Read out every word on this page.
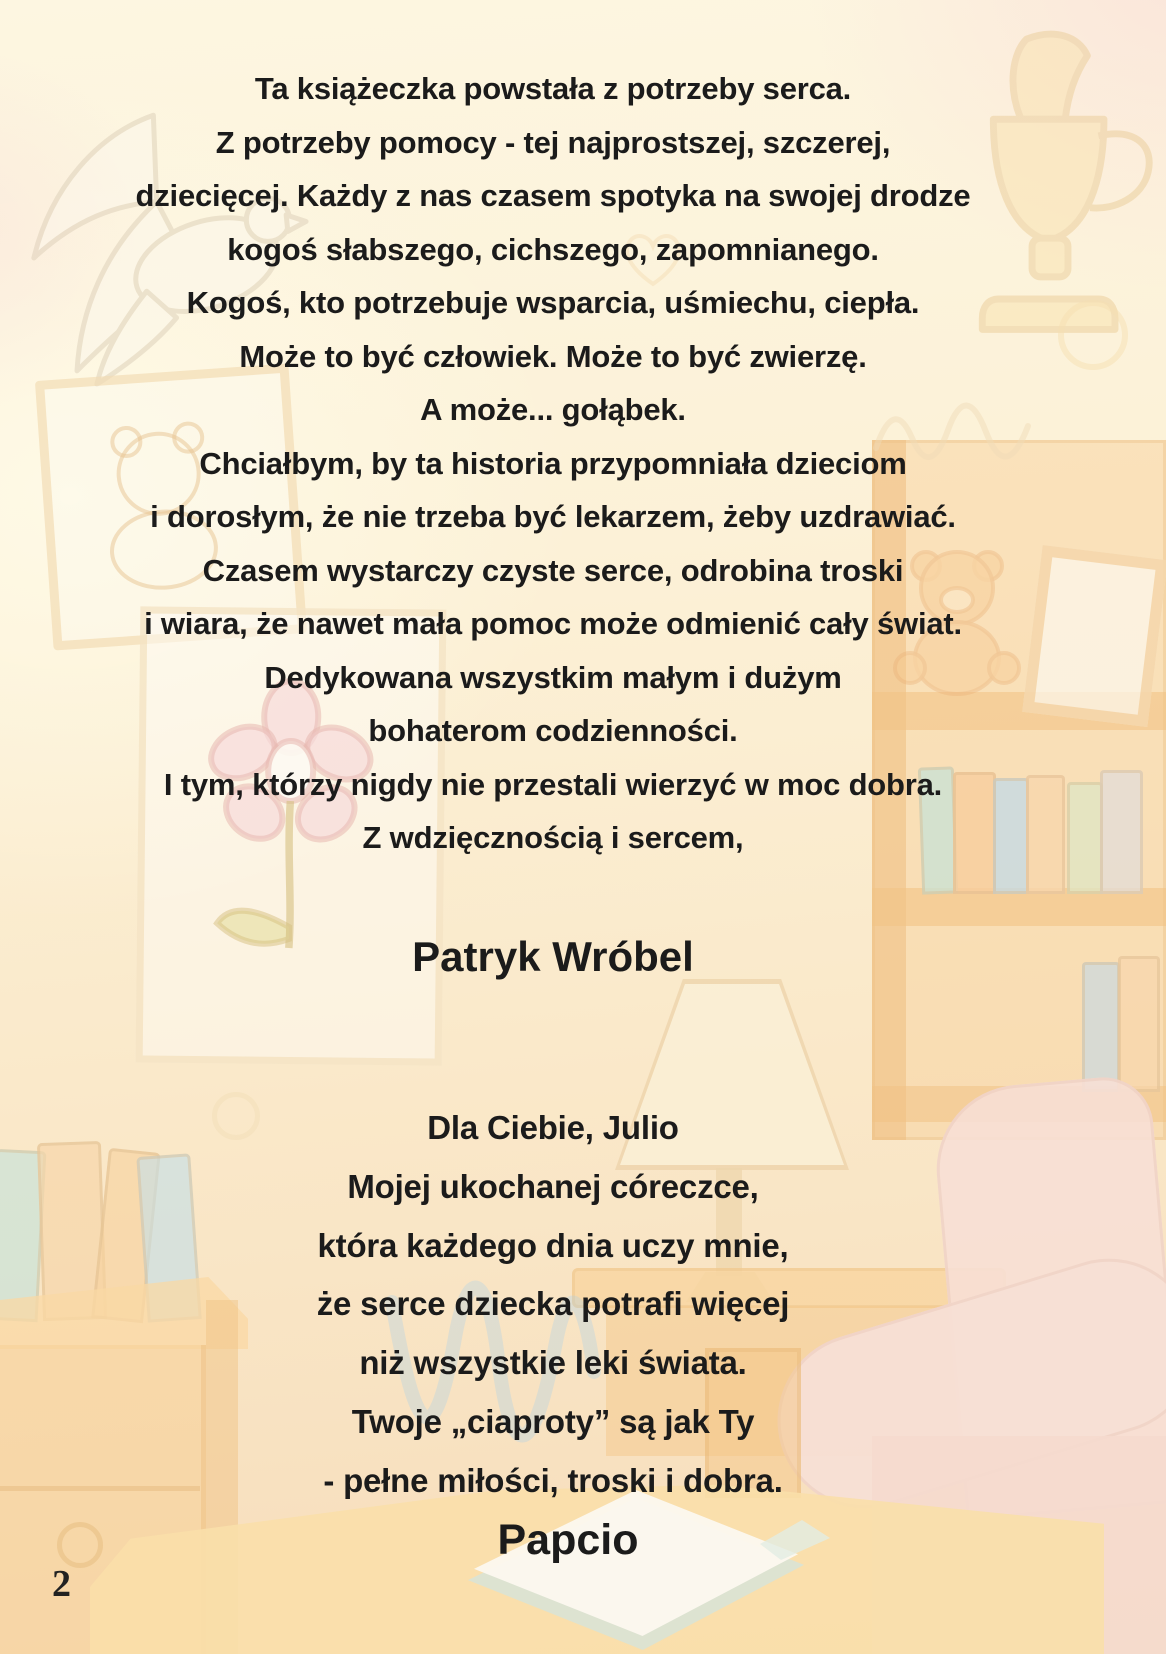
Ta książeczka powstała z potrzeby serca.
Z potrzeby pomocy - tej najprostszej, szczerej,
dziecięcej. Każdy z nas czasem spotyka na swojej drodze
kogoś słabszego, cichszego, zapomnianego.
Kogoś, kto potrzebuje wsparcia, uśmiechu, ciepła.
Może to być człowiek. Może to być zwierzę.
A może... gołąbek.
Chciałbym, by ta historia przypomniała dzieciom
i dorosłym, że nie trzeba być lekarzem, żeby uzdrawiać.
Czasem wystarczy czyste serce, odrobina troski
i wiara, że nawet mała pomoc może odmienić cały świat.
Dedykowana wszystkim małym i dużym
bohaterom codzienności.
I tym, którzy nigdy nie przestali wierzyć w moc dobra.
Z wdzięcznością i sercem,
Patryk Wróbel
Dla Ciebie, Julio
Mojej ukochanej córeczce,
która każdego dnia uczy mnie,
że serce dziecka potrafi więcej
niż wszystkie leki świata.
Twoje „ciaproty” są jak Ty
- pełne miłości, troski i dobra.
Papcio
2
